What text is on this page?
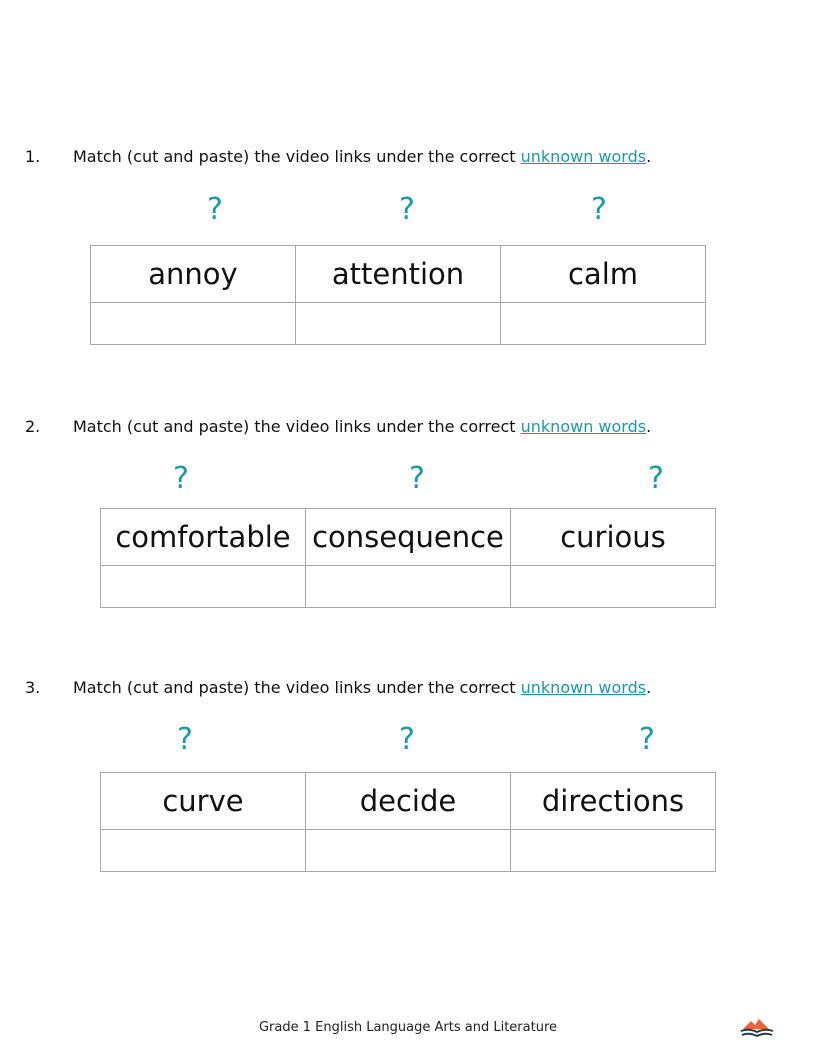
1. Match (cut and paste) the video links under the correct unknown words.
?	?	?
annoy	attention	calm

2. Match (cut and paste) the video links under the correct unknown words.
?	?	?
comfortable	consequence	curious

3. Match (cut and paste) the video links under the correct unknown words.
?	?	?
curve	decide	directions

Grade 1 English Language Arts and Literature
